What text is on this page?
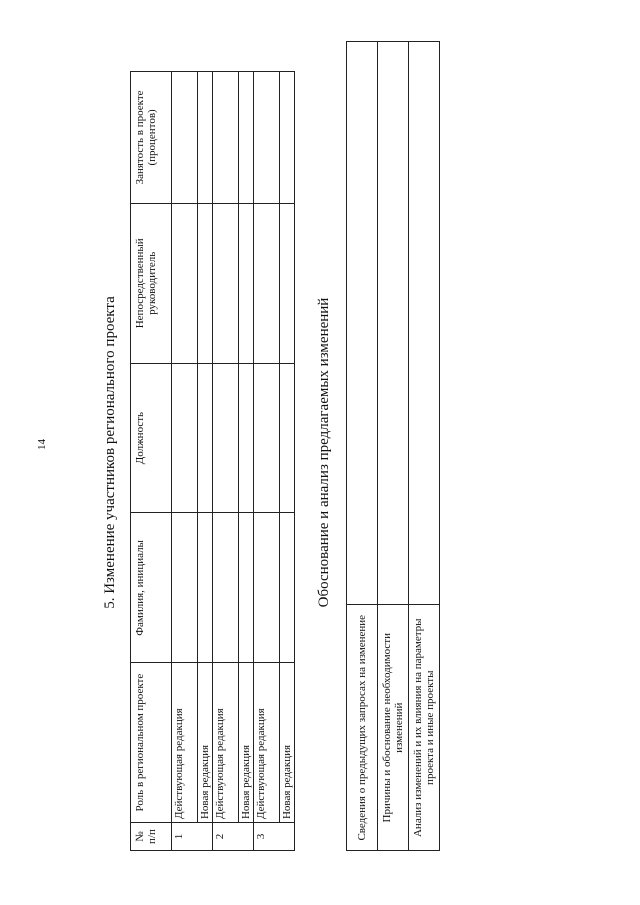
14	5. Изменение участников регионального проекта
№ п/п	Роль в региональном проекте	Фамилия, инициалы	Должность	Непосредственный руководитель	Занятость в проекте (процентов)
1	Действующая редакция				
	Новая редакция				
2	Действующая редакция				
	Новая редакция				
3	Действующая редакция				
	Новая редакция				
Обоснование и анализ предлагаемых изменений
Сведения о предыдущих запросах на изменение	
Причины и обоснование необходимости изменений	
Анализ изменений и их влияния на параметры проекта и иные проекты	
